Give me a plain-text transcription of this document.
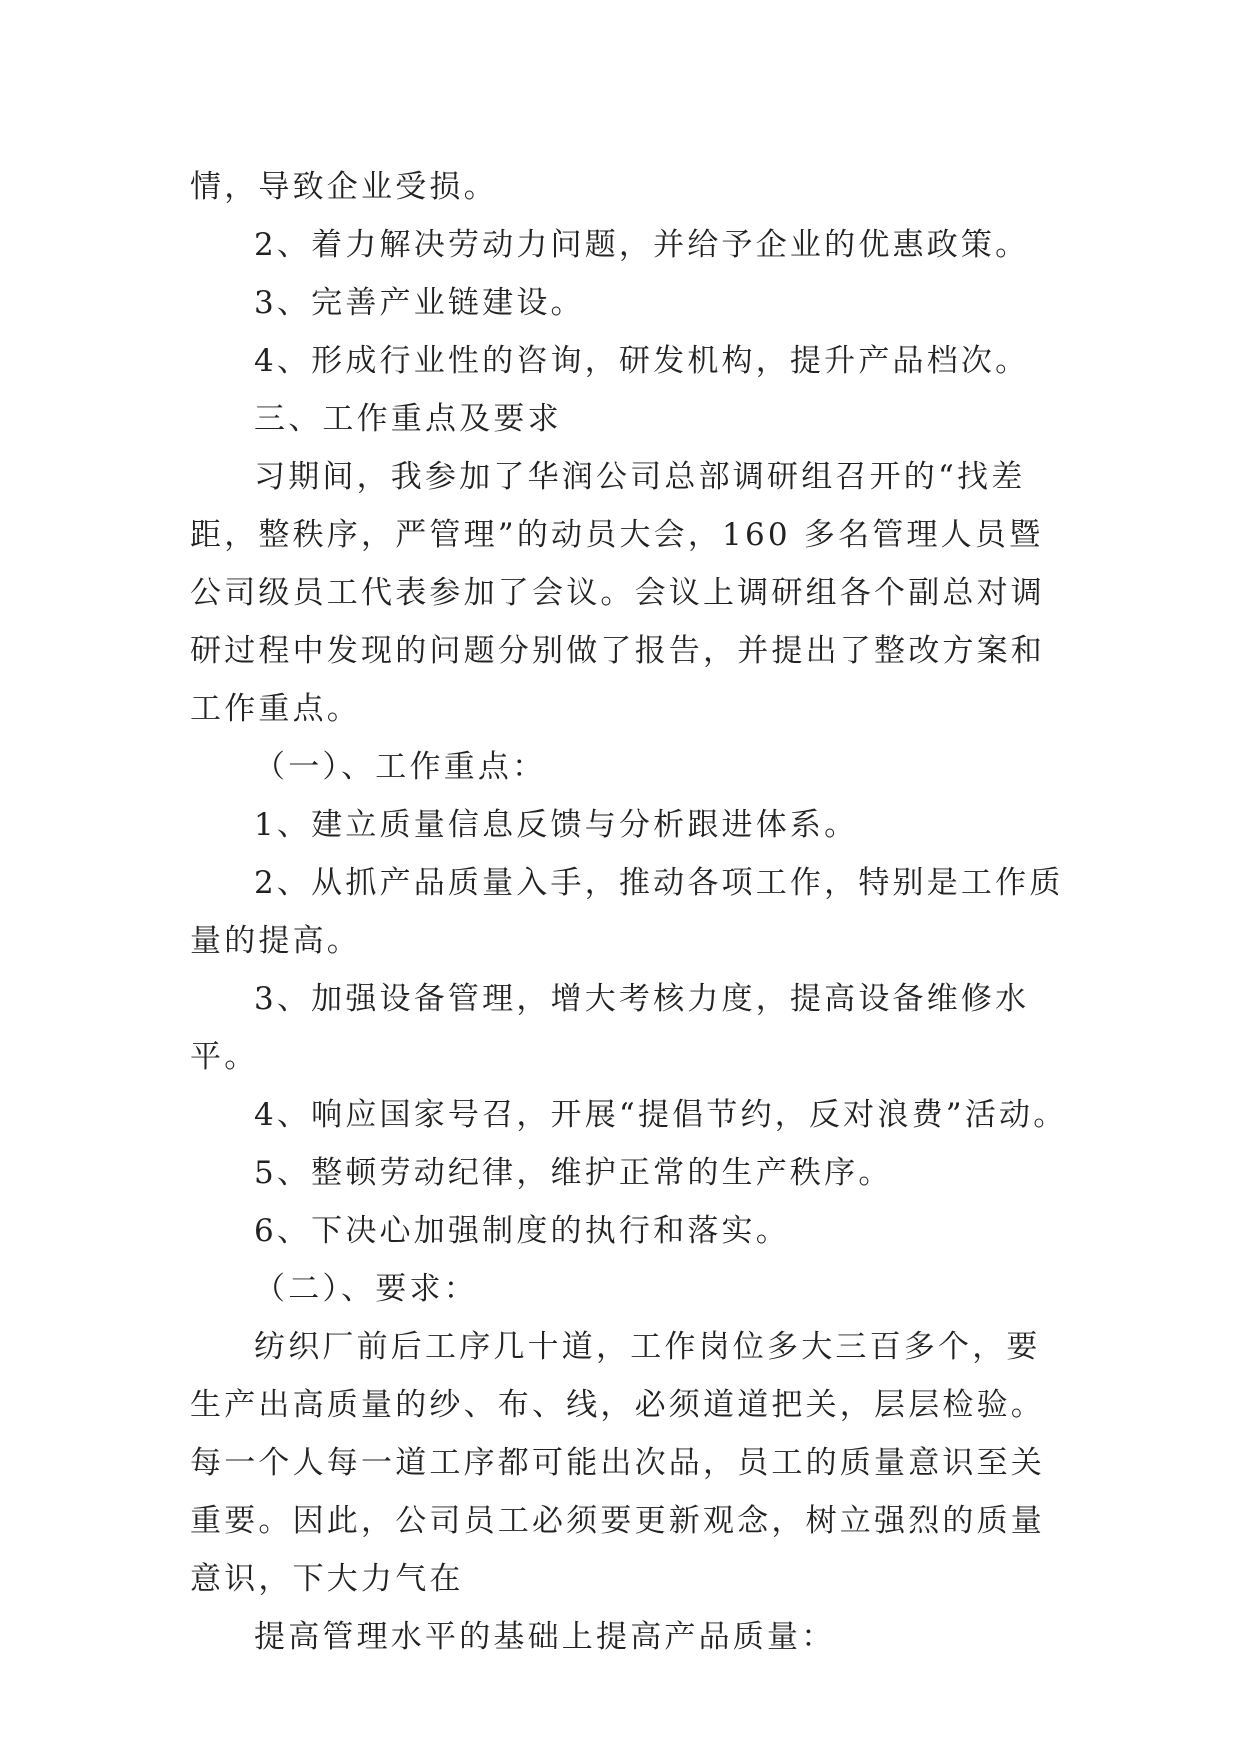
情，导致企业受损。

2、着力解决劳动力问题，并给予企业的优惠政策。

3、完善产业链建设。

4、形成行业性的咨询，研发机构，提升产品档次。

三、工作重点及要求

习期间，我参加了华润公司总部调研组召开的“找差距，整秩序，严管理”的动员大会，160 多名管理人员暨公司级员工代表参加了会议。会议上调研组各个副总对调研过程中发现的问题分别做了报告，并提出了整改方案和工作重点。

（一）、工作重点：

1、建立质量信息反馈与分析跟进体系。

2、从抓产品质量入手，推动各项工作，特别是工作质量的提高。

3、加强设备管理，增大考核力度，提高设备维修水平。

4、响应国家号召，开展“提倡节约，反对浪费”活动。

5、整顿劳动纪律，维护正常的生产秩序。

6、下决心加强制度的执行和落实。

（二）、要求：

纺织厂前后工序几十道，工作岗位多大三百多个，要生产出高质量的纱、布、线，必须道道把关，层层检验。每一个人每一道工序都可能出次品，员工的质量意识至关重要。因此，公司员工必须要更新观念，树立强烈的质量意识，下大力气在

提高管理水平的基础上提高产品质量：
